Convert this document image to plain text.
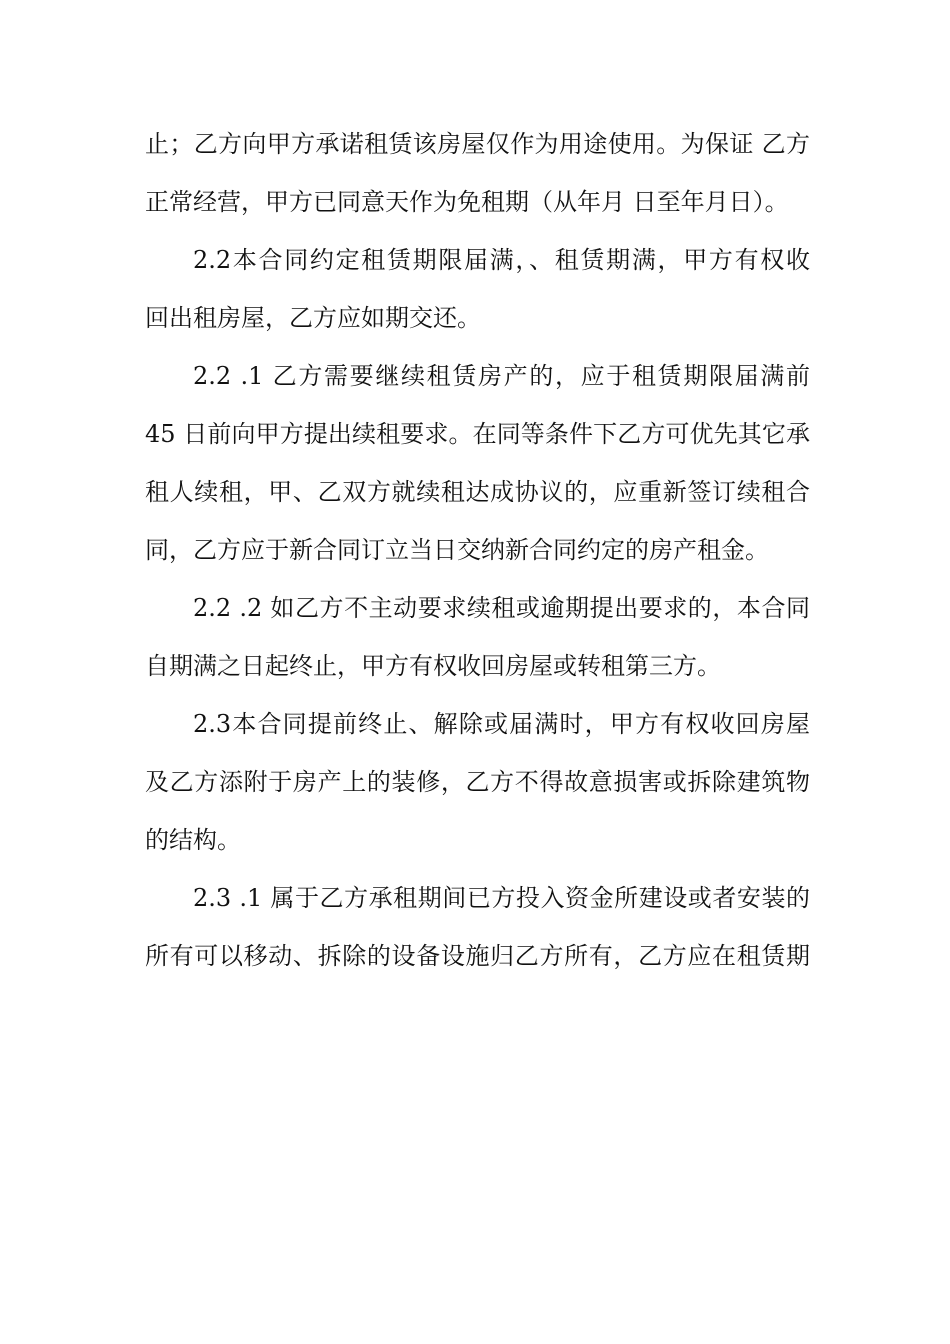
止；乙方向甲方承诺租赁该房屋仅作为用途使用。为保证 乙方
正常经营，甲方已同意天作为免租期（从年月 日至年月日）。
2.2本合同约定租赁期限届满，、租赁期满，甲方有权收
回出租房屋，乙方应如期交还。
2.2 .1 乙方需要继续租赁房产的，应于租赁期限届满前
45 日前向甲方提出续租要求。在同等条件下乙方可优先其它承
租人续租，甲、乙双方就续租达成协议的，应重新签订续租合
同，乙方应于新合同订立当日交纳新合同约定的房产租金。
2.2 .2 如乙方不主动要求续租或逾期提出要求的，本合同
自期满之日起终止，甲方有权收回房屋或转租第三方。
2.3本合同提前终止、解除或届满时，甲方有权收回房屋
及乙方添附于房产上的装修，乙方不得故意损害或拆除建筑物
的结构。
2.3 .1 属于乙方承租期间已方投入资金所建设或者安装的
所有可以移动、拆除的设备设施归乙方所有，乙方应在租赁期
